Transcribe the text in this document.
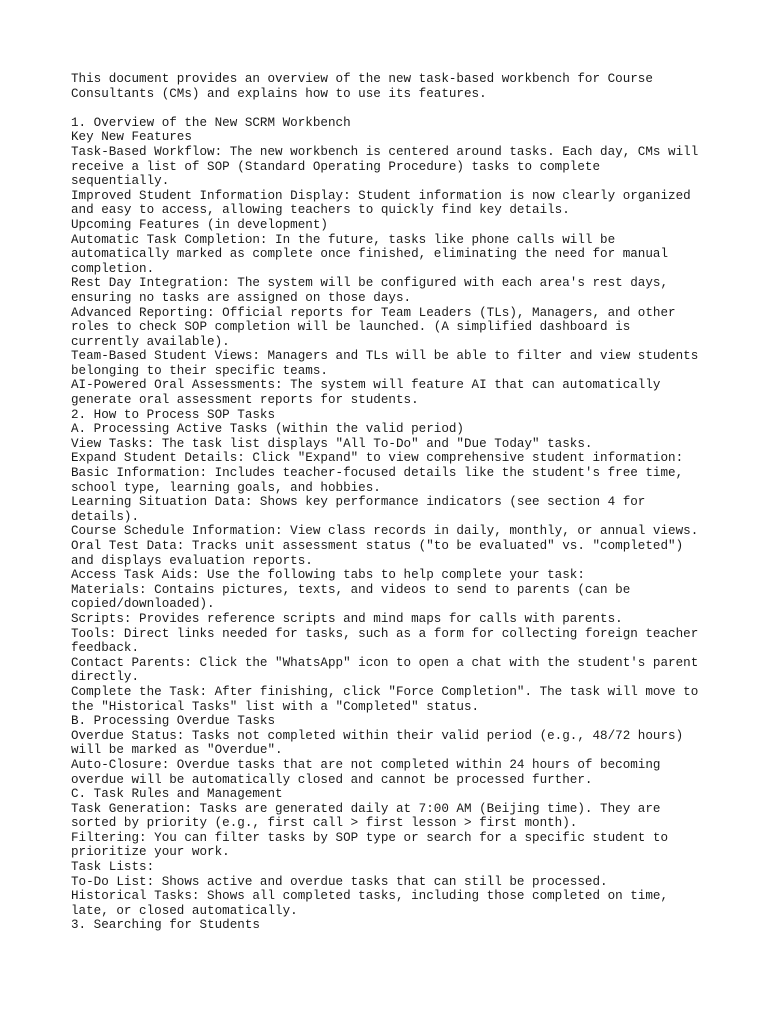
This document provides an overview of the new task-based workbench for Course
Consultants (CMs) and explains how to use its features.
1. Overview of the New SCRM Workbench
Key New Features
Task-Based Workflow: The new workbench is centered around tasks. Each day, CMs will
receive a list of SOP (Standard Operating Procedure) tasks to complete
sequentially.
Improved Student Information Display: Student information is now clearly organized
and easy to access, allowing teachers to quickly find key details.
Upcoming Features (in development)
Automatic Task Completion: In the future, tasks like phone calls will be
automatically marked as complete once finished, eliminating the need for manual
completion.
Rest Day Integration: The system will be configured with each area's rest days,
ensuring no tasks are assigned on those days.
Advanced Reporting: Official reports for Team Leaders (TLs), Managers, and other
roles to check SOP completion will be launched. (A simplified dashboard is
currently available).
Team-Based Student Views: Managers and TLs will be able to filter and view students
belonging to their specific teams.
AI-Powered Oral Assessments: The system will feature AI that can automatically
generate oral assessment reports for students.
2. How to Process SOP Tasks
A. Processing Active Tasks (within the valid period)
View Tasks: The task list displays "All To-Do" and "Due Today" tasks.
Expand Student Details: Click "Expand" to view comprehensive student information:
Basic Information: Includes teacher-focused details like the student's free time,
school type, learning goals, and hobbies.
Learning Situation Data: Shows key performance indicators (see section 4 for
details).
Course Schedule Information: View class records in daily, monthly, or annual views.
Oral Test Data: Tracks unit assessment status ("to be evaluated" vs. "completed")
and displays evaluation reports.
Access Task Aids: Use the following tabs to help complete your task:
Materials: Contains pictures, texts, and videos to send to parents (can be
copied/downloaded).
Scripts: Provides reference scripts and mind maps for calls with parents.
Tools: Direct links needed for tasks, such as a form for collecting foreign teacher
feedback.
Contact Parents: Click the "WhatsApp" icon to open a chat with the student's parent
directly.
Complete the Task: After finishing, click "Force Completion". The task will move to
the "Historical Tasks" list with a "Completed" status.
B. Processing Overdue Tasks
Overdue Status: Tasks not completed within their valid period (e.g., 48/72 hours)
will be marked as "Overdue".
Auto-Closure: Overdue tasks that are not completed within 24 hours of becoming
overdue will be automatically closed and cannot be processed further.
C. Task Rules and Management
Task Generation: Tasks are generated daily at 7:00 AM (Beijing time). They are
sorted by priority (e.g., first call > first lesson > first month).
Filtering: You can filter tasks by SOP type or search for a specific student to
prioritize your work.
Task Lists:
To-Do List: Shows active and overdue tasks that can still be processed.
Historical Tasks: Shows all completed tasks, including those completed on time,
late, or closed automatically.
3. Searching for Students
